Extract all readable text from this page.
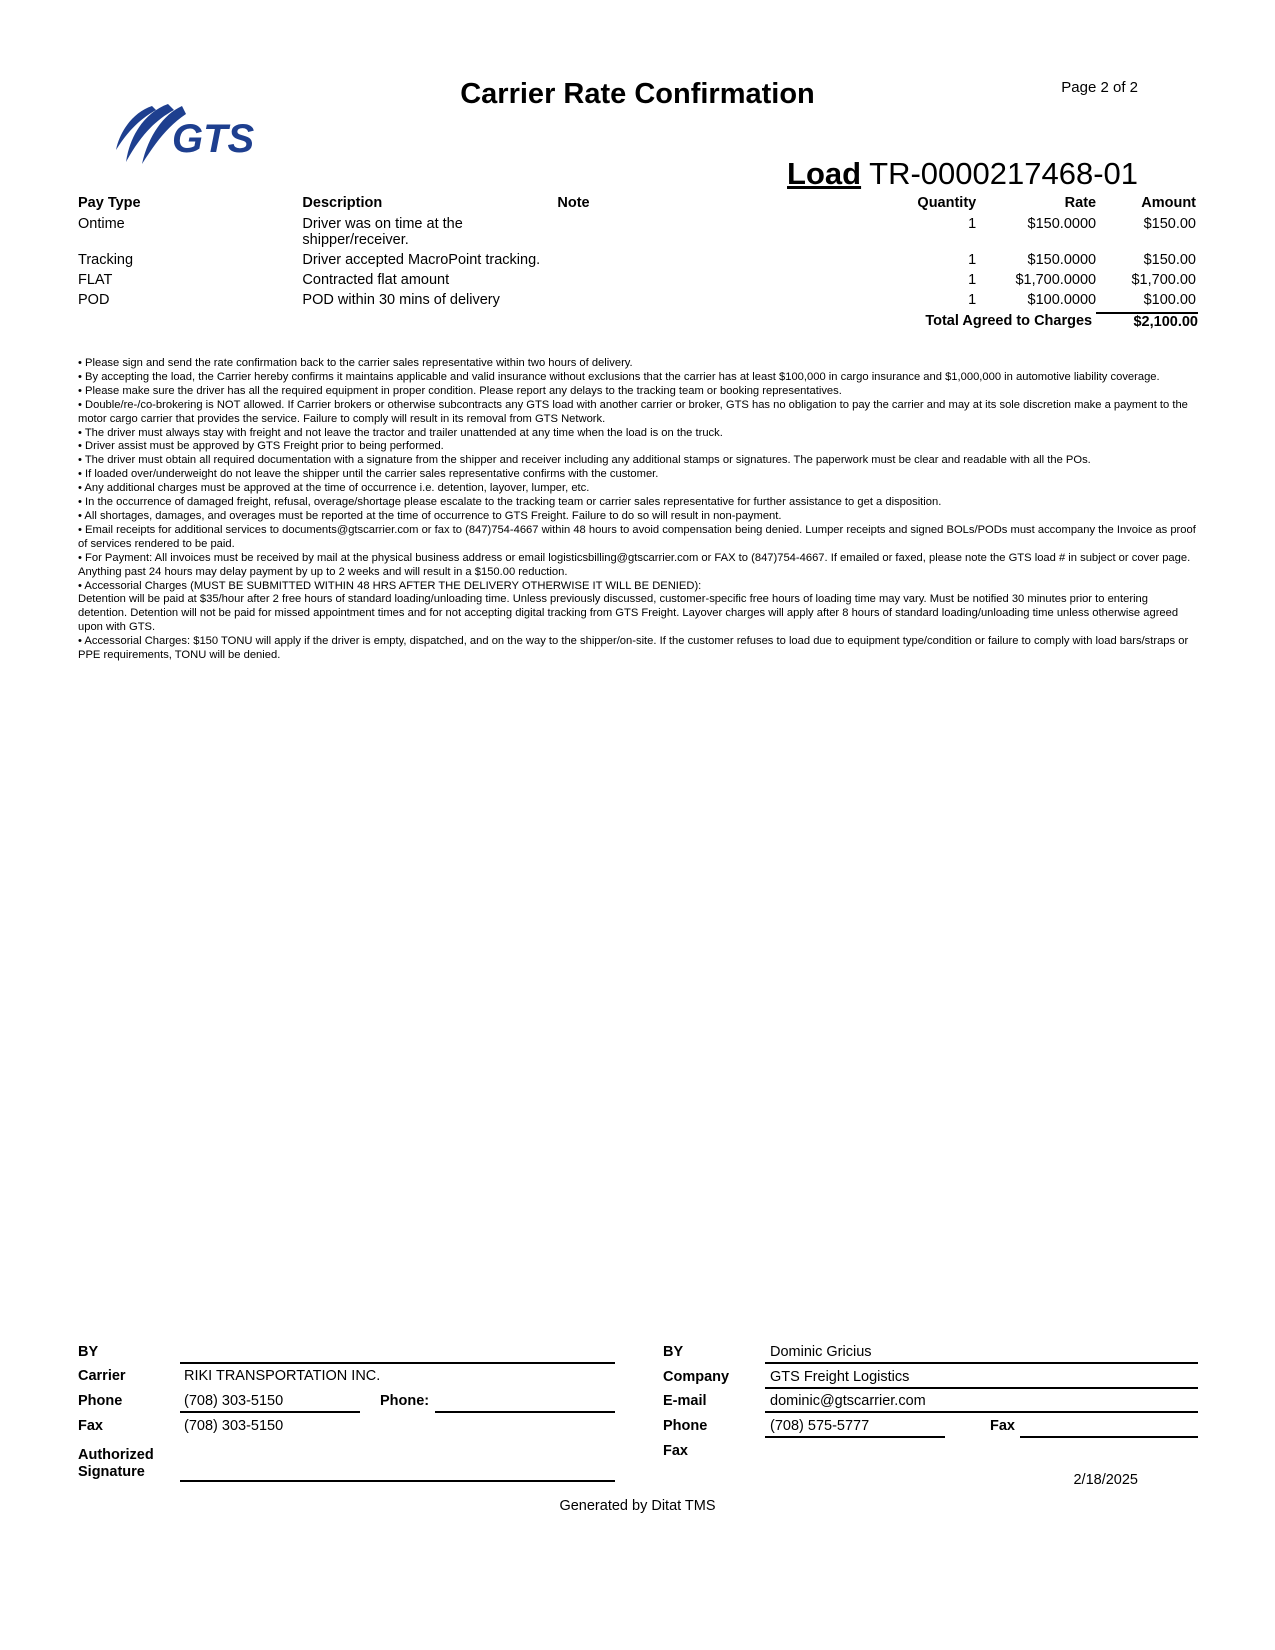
Carrier Rate Confirmation	Page 2 of 2
GTS
Load TR-0000217468-01
Pay Type	Description	Note	Quantity	Rate	Amount
Ontime	Driver was on time at the shipper/receiver.		1	$150.0000	$150.00
Tracking	Driver accepted MacroPoint tracking.		1	$150.0000	$150.00
FLAT	Contracted flat amount		1	$1,700.0000	$1,700.00
POD	POD within 30 mins of delivery		1	$100.0000	$100.00
			Total Agreed to Charges		$2,100.00
• Please sign and send the rate confirmation back to the carrier sales representative within two hours of delivery.
• By accepting the load, the Carrier hereby confirms it maintains applicable and valid insurance without exclusions that the carrier has at least $100,000 in cargo insurance and $1,000,000 in automotive liability coverage.
• Please make sure the driver has all the required equipment in proper condition. Please report any delays to the tracking team or booking representatives.
• Double/re-/co-brokering is NOT allowed. If Carrier brokers or otherwise subcontracts any GTS load with another carrier or broker, GTS has no obligation to pay the carrier and may at its sole discretion make a payment to the motor cargo carrier that provides the service. Failure to comply will result in its removal from GTS Network.
• The driver must always stay with freight and not leave the tractor and trailer unattended at any time when the load is on the truck.
• Driver assist must be approved by GTS Freight prior to being performed.
• The driver must obtain all required documentation with a signature from the shipper and receiver including any additional stamps or signatures. The paperwork must be clear and readable with all the POs.
• If loaded over/underweight do not leave the shipper until the carrier sales representative confirms with the customer.
• Any additional charges must be approved at the time of occurrence i.e. detention, layover, lumper, etc.
• In the occurrence of damaged freight, refusal, overage/shortage please escalate to the tracking team or carrier sales representative for further assistance to get a disposition.
• All shortages, damages, and overages must be reported at the time of occurrence to GTS Freight. Failure to do so will result in non-payment.
• Email receipts for additional services to documents@gtscarrier.com or fax to (847)754-4667 within 48 hours to avoid compensation being denied. Lumper receipts and signed BOLs/PODs must accompany the Invoice as proof of services rendered to be paid.
• For Payment: All invoices must be received by mail at the physical business address or email logisticsbilling@gtscarrier.com or FAX to (847)754-4667. If emailed or faxed, please note the GTS load # in subject or cover page. Anything past 24 hours may delay payment by up to 2 weeks and will result in a $150.00 reduction.
• Accessorial Charges (MUST BE SUBMITTED WITHIN 48 HRS AFTER THE DELIVERY OTHERWISE IT WILL BE DENIED):
Detention will be paid at $35/hour after 2 free hours of standard loading/unloading time. Unless previously discussed, customer-specific free hours of loading time may vary. Must be notified 30 minutes prior to entering detention. Detention will not be paid for missed appointment times and for not accepting digital tracking from GTS Freight. Layover charges will apply after 8 hours of standard loading/unloading time unless otherwise agreed upon with GTS.
• Accessorial Charges: $150 TONU will apply if the driver is empty, dispatched, and on the way to the shipper/on-site. If the customer refuses to load due to equipment type/condition or failure to comply with load bars/straps or PPE requirements, TONU will be denied.
BY
Carrier	RIKI TRANSPORTATION INC.
Phone	(708) 303-5150	Phone:
Fax	(708) 303-5150
Authorized
Signature
BY	Dominic Gricius
Company	GTS Freight Logistics
E-mail	dominic@gtscarrier.com
Phone	(708) 575-5777	Fax
Fax
2/18/2025
Generated by Ditat TMS
